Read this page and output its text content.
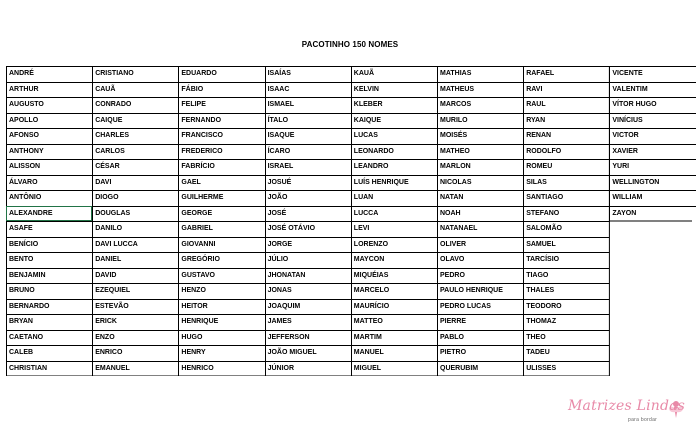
PACOTINHO 150 NOMES
ANDRÉ
ARTHUR
AUGUSTO
APOLLO
AFONSO
ANTHONY
ALISSON
ÁLVARO
ANTÔNIO
ALEXANDRE
ASAFE
BENÍCIO
BENTO
BENJAMIN
BRUNO
BERNARDO
BRYAN
CAETANO
CALEB
CHRISTIAN
CRISTIANO
CAUÃ
CONRADO
CAIQUE
CHARLES
CARLOS
CÉSAR
DAVI
DIOGO
DOUGLAS
DANILO
DAVI LUCCA
DANIEL
DAVID
EZEQUIEL
ESTEVÃO
ERICK
ENZO
ENRICO
EMANUEL
EDUARDO
FÁBIO
FELIPE
FERNANDO
FRANCISCO
FREDERICO
FABRÍCIO
GAEL
GUILHERME
GEORGE
GABRIEL
GIOVANNI
GREGÓRIO
GUSTAVO
HENZO
HEITOR
HENRIQUE
HUGO
HENRY
HENRICO
ISAÍAS
ISAAC
ISMAEL
ÍTALO
ISAQUE
ÍCARO
ISRAEL
JOSUÉ
JOÃO
JOSÉ
JOSÉ OTÁVIO
JORGE
JÚLIO
JHONATAN
JONAS
JOAQUIM
JAMES
JEFFERSON
JOÃO MIGUEL
JÚNIOR
KAUÃ
KELVIN
KLEBER
KAIQUE
LUCAS
LEONARDO
LEANDRO
LUÍS HENRIQUE
LUAN
LUCCA
LEVI
LORENZO
MAYCON
MIQUÉIAS
MARCELO
MAURÍCIO
MATTEO
MARTIM
MANUEL
MIGUEL
MATHIAS
MATHEUS
MARCOS
MURILO
MOISÉS
MATHEO
MARLON
NICOLAS
NATAN
NOAH
NATANAEL
OLIVER
OLAVO
PEDRO
PAULO HENRIQUE
PEDRO LUCAS
PIERRE
PABLO
PIETRO
QUERUBIM
RAFAEL
RAVI
RAUL
RYAN
RENAN
RODOLFO
ROMEU
SILAS
SANTIAGO
STEFANO
SALOMÃO
SAMUEL
TARCÍSIO
TIAGO
THALES
TEODORO
THOMAZ
THEO
TADEU
ULISSES
VICENTE
VALENTIM
VÍTOR HUGO
VINÍCIUS
VICTOR
XAVIER
YURI
WELLINGTON
WILLIAM
ZAYON
Matrizes Lindas
para bordar
